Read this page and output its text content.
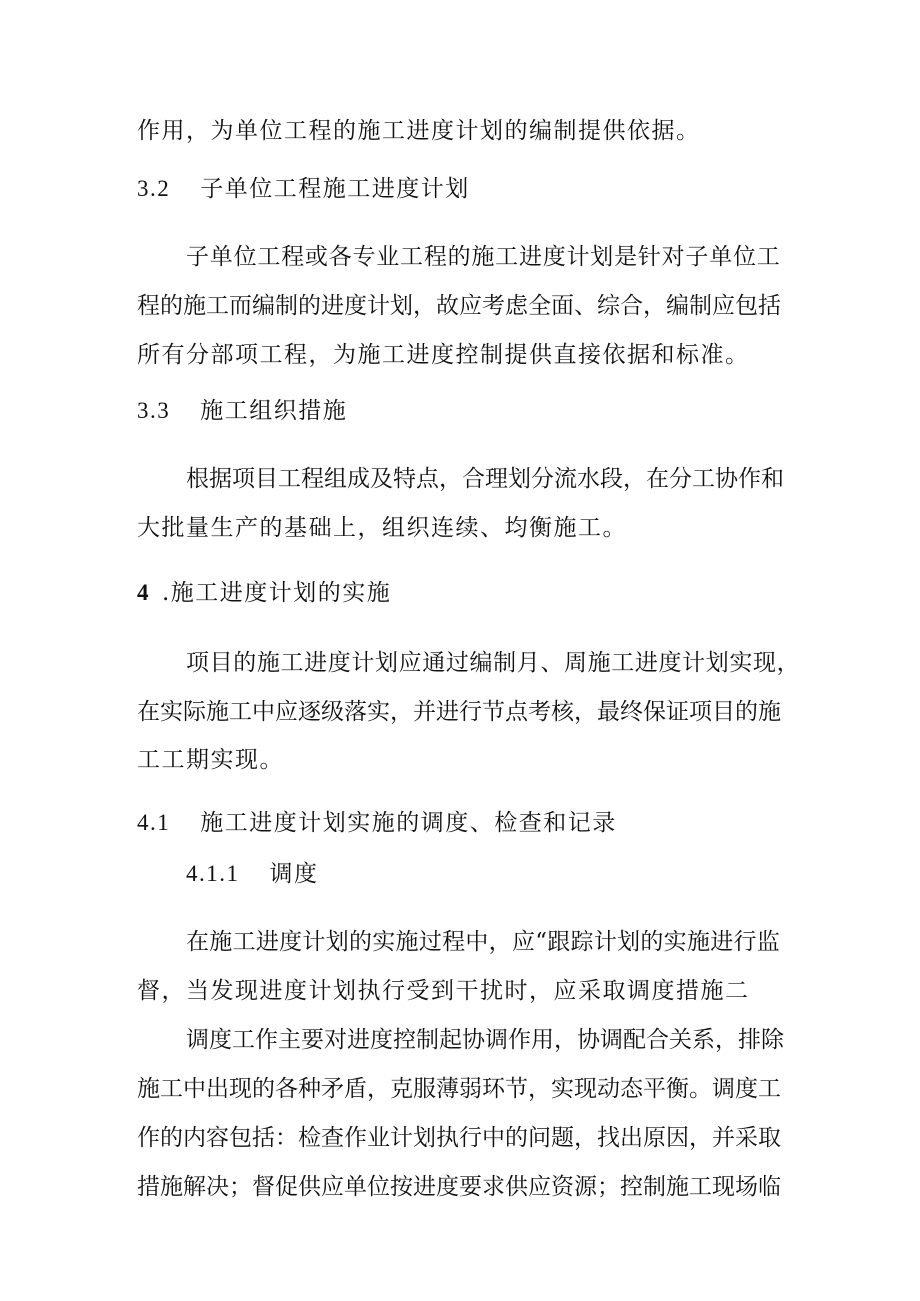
作用，为单位工程的施工进度计划的编制提供依据。
3.2 子单位工程施工进度计划
子 单 位 工 程 或 各 专 业 工 程 的 施 工 进 度 计 划 是 针 对 子 单 位 工
程 的 施 工 而 编 制 的 进 度 计 划 ， 故 应 考 虑 全 面 、 综 合 ， 编 制 应 包 括
所有分部项工程，为施工进度控制提供直接依据和标准。
3.3 施工组织措施
根 据 项 目 工 程 组 成 及 特 点 ， 合 理 划 分 流 水 段 ， 在 分 工 协 作 和
大批量生产的基础上，组织连续、均衡施工。
4 .施工进度计划的实施
项 目 的 施 工 进 度 计 划 应 通 过 编 制 月 、 周 施 工 进 度 计 划 实 现 ，
在 实 际 施 工 中 应 逐 级 落 实 ， 并 进 行 节 点 考 核 ， 最 终 保 证 项 目 的 施
工工期实现。
4.1 施工进度计划实施的调度、检查和记录
4.1.1 调度
在 施 工 进 度 计 划 的 实 施 过 程 中 ， 应 “ 跟 踪 计 划 的 实 施 进 行 监
督，当发现进度计划执行受到干扰时，应采取调度措施二
调 度 工 作 主 要 对 进 度 控 制 起 协 调 作 用 ， 协 调 配 合 关 系 ， 排 除
施 工 中 出 现 的 各 种 矛 盾 ， 克 服 薄 弱 环 节 ， 实 现 动 态 平 衡 。 调 度 工
作 的 内 容 包 括 ： 检 查 作 业 计 划 执 行 中 的 问 题 ， 找 出 原 因 ， 并 采 取
措 施 解 决 ； 督 促 供 应 单 位 按 进 度 要 求 供 应 资 源 ； 控 制 施 工 现 场 临
